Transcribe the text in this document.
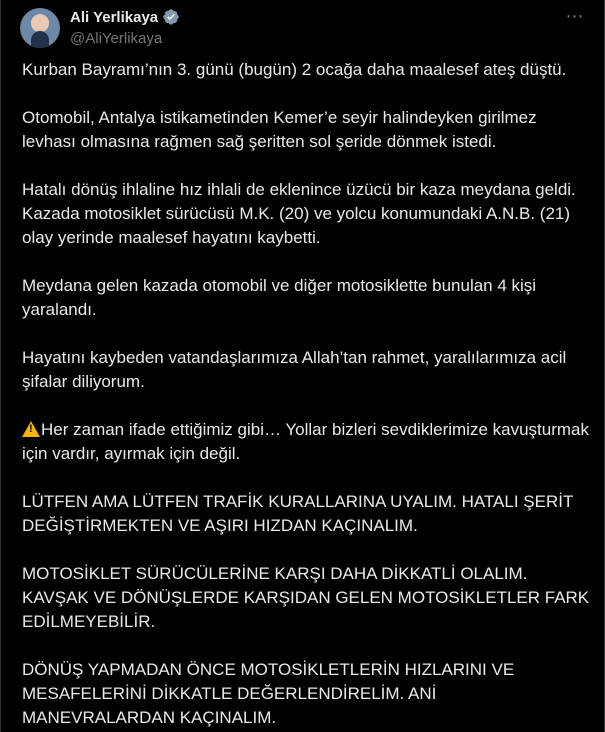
Ali Yerlikaya
@AliYerlikaya
⋯

Kurban Bayramı’nın 3. günü (bugün) 2 ocağa daha maalesef ateş düştü.

Otomobil, Antalya istikametinden Kemer’e seyir halindeyken girilmez levhası olmasına rağmen sağ şeritten sol şeride dönmek istedi.

Hatalı dönüş ihlaline hız ihlali de eklenince üzücü bir kaza meydana geldi. Kazada motosiklet sürücüsü M.K. (20) ve yolcu konumundaki A.N.B. (21) olay yerinde maalesef hayatını kaybetti.

Meydana gelen kazada otomobil ve diğer motosiklette bunulan 4 kişi yaralandı.

Hayatını kaybeden vatandaşlarımıza Allah’tan rahmet, yaralılarımıza acil şifalar diliyorum.

!Her zaman ifade ettiğimiz gibi… Yollar bizleri sevdiklerimize kavuşturmak için vardır, ayırmak için değil.

LÜTFEN AMA LÜTFEN TRAFİK KURALLARINA UYALIM. HATALI ŞERİT DEĞİŞTİRMEKTEN VE AŞIRI HIZDAN KAÇINALIM.

MOTOSİKLET SÜRÜCÜLERİNE KARŞI DAHA DİKKATLİ OLALIM. KAVŞAK VE DÖNÜŞLERDE KARŞIDAN GELEN MOTOSİKLETLER FARK EDİLMEYEBİLİR.

DÖNÜŞ YAPMADAN ÖNCE MOTOSİKLETLERİN HIZLARINI VE MESAFELERİNİ DİKKATLE DEĞERLENDİRELİM. ANİ MANEVRALARDAN KAÇINALIM.
